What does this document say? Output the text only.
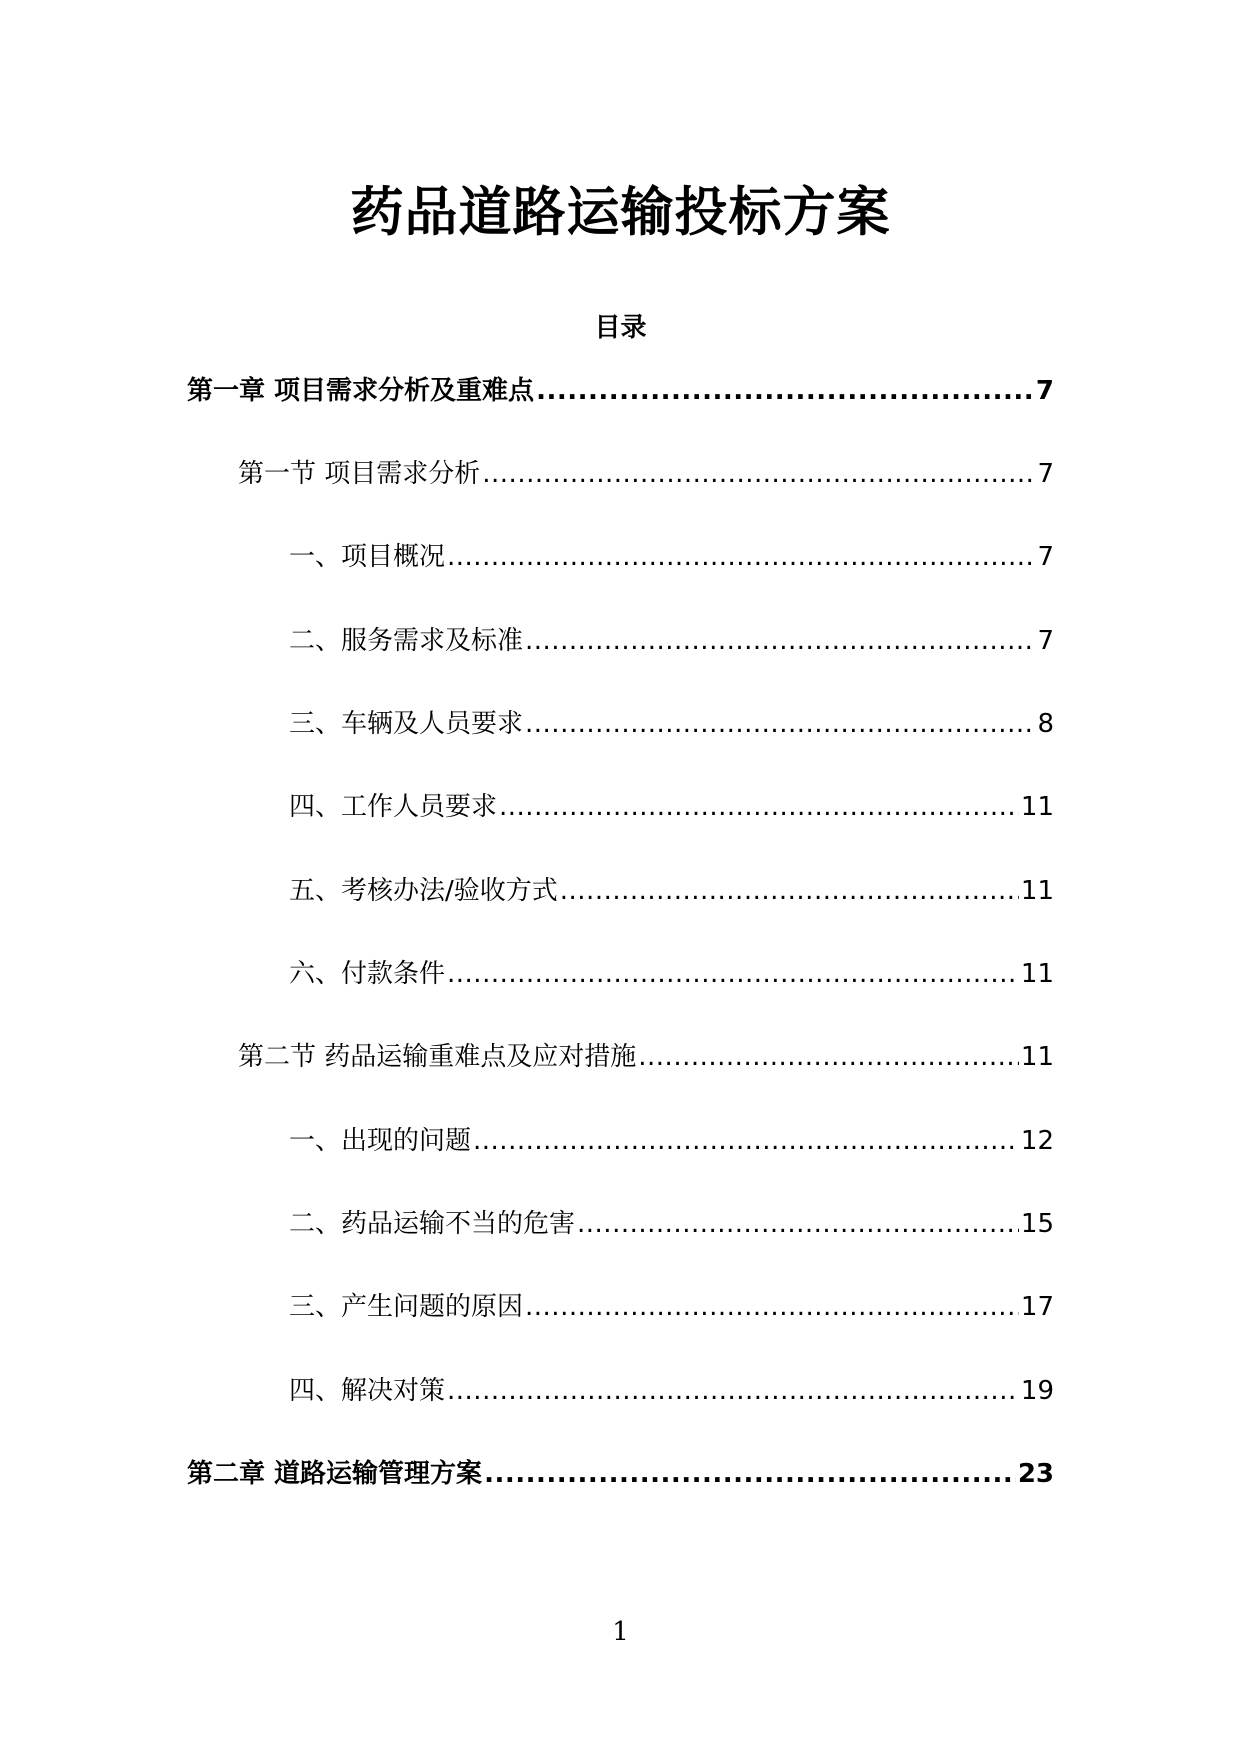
药品道路运输投标方案
目录
第一章 项目需求分析及重难点 .....	7
第一节 项目需求分析 .....	7
一、项目概况 .....	7
二、服务需求及标准 .....	7
三、车辆及人员要求 .....	8
四、工作人员要求 .....	11
五、考核办法/验收方式 .....	11
六、付款条件 .....	11
第二节 药品运输重难点及应对措施 .....	11
一、出现的问题 .....	12
二、药品运输不当的危害 .....	15
三、产生问题的原因 .....	17
四、解决对策 .....	19
第二章 道路运输管理方案 .....	23
1
